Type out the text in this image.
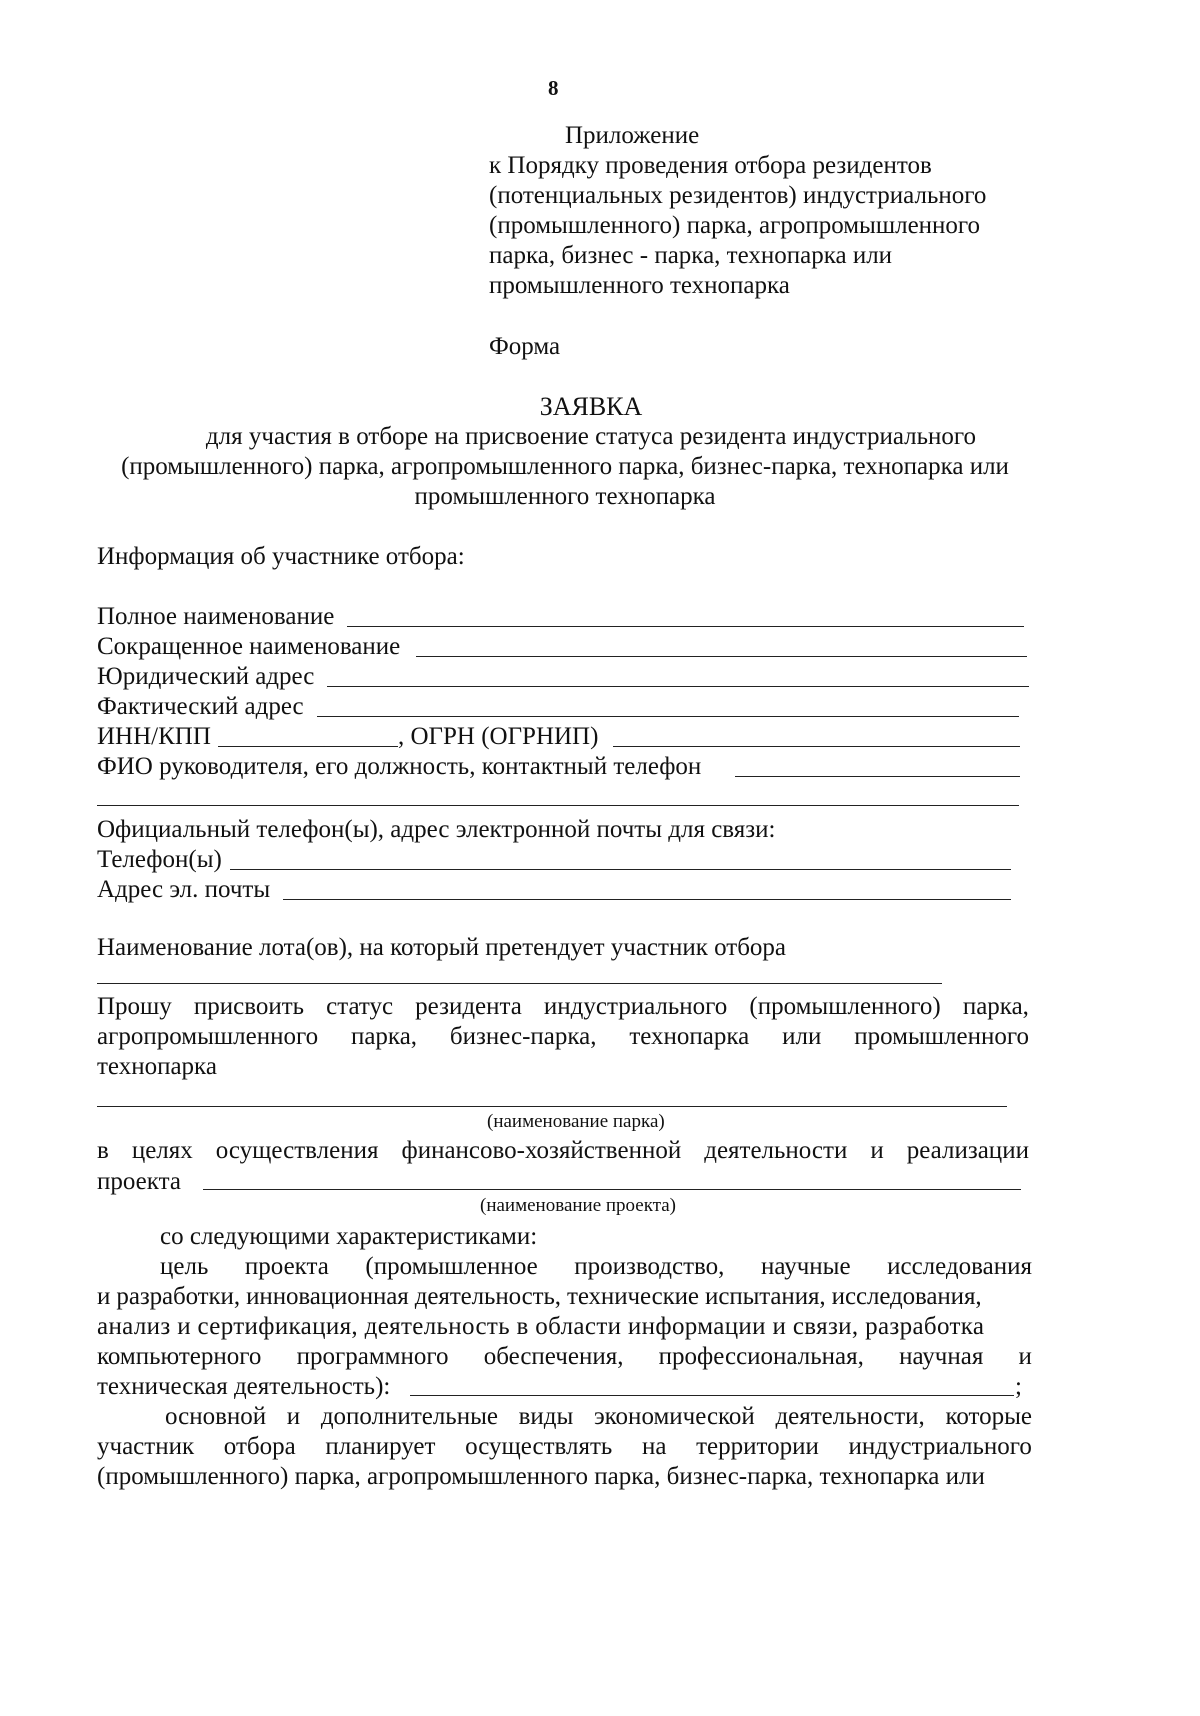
8
Приложение
к Порядку проведения отбора резидентов
(потенциальных резидентов) индустриального
(промышленного) парка, агропромышленного
парка, бизнес - парка, технопарка или
промышленного технопарка
Форма
ЗАЯВКА
для участия в отборе на присвоение статуса резидента индустриального
(промышленного) парка, агропромышленного парка, бизнес-парка, технопарка или
промышленного технопарка
Информация об участнике отбора:
Полное наименование
Сокращенное наименование
Юридический адрес
Фактический адрес
ИНН/КПП	, ОГРН (ОГРНИП)
ФИО руководителя, его должность, контактный телефон
Официальный телефон(ы), адрес электронной почты для связи:
Телефон(ы)
Адрес эл. почты
Наименование лота(ов), на который претендует участник отбора
Прошу присвоить статус резидента индустриального (промышленного) парка,
агропромышленного парка, бизнес-парка, технопарка или промышленного
технопарка
(наименование парка)
в целях осуществления финансово-хозяйственной деятельности и реализации
проекта
(наименование проекта)
со следующими характеристиками:
цель проекта (промышленное производство, научные исследования
и разработки, инновационная деятельность, технические испытания, исследования,
анализ и сертификация, деятельность в области информации и связи, разработка
компьютерного программного обеспечения, профессиональная, научная и
техническая деятельность):	;
основной и дополнительные виды экономической деятельности, которые
участник отбора планирует осуществлять на территории индустриального
(промышленного) парка, агропромышленного парка, бизнес-парка, технопарка или
